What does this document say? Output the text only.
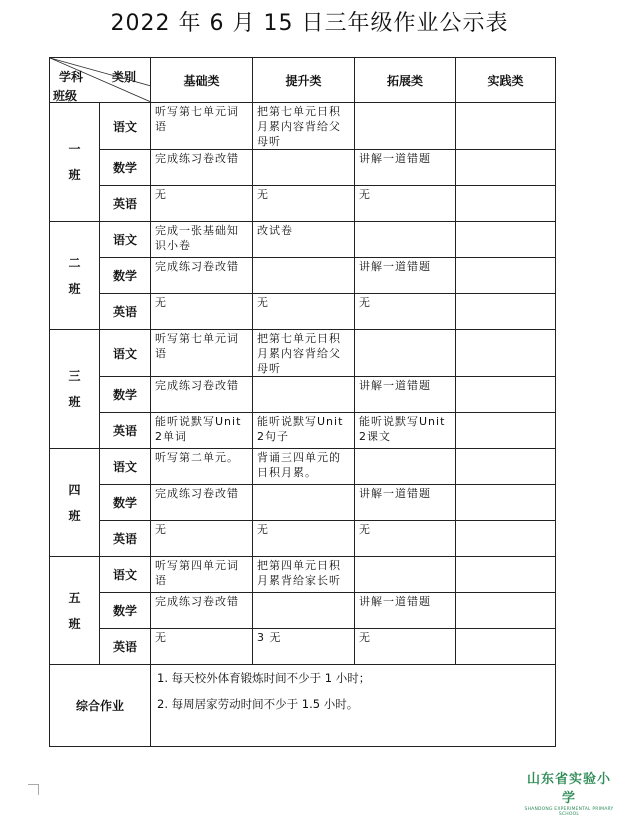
2022 年 6 月 15 日三年级作业公示表
类别
学科
班级		基础类	提升类	拓展类	实践类

一
班	语文	听写第七单元词语	把第七单元日积月累内容背给父母听		
	数学	完成练习卷改错		讲解一道错题	
	英语	无	无	无	

二
班	语文	完成一张基础知识小卷	改试卷		
	数学	完成练习卷改错		讲解一道错题	
	英语	无	无	无	

三
班	语文	听写第七单元词语	把第七单元日积月累内容背给父母听		
	数学	完成练习卷改错		讲解一道错题	
	英语	能听说默写Unit2单词	能听说默写Unit2句子	能听说默写Unit2课文	

四
班	语文	听写第二单元。	背诵三四单元的日积月累。		
	数学	完成练习卷改错		讲解一道错题	
	英语	无	无	无	

五
班	语文	听写第四单元词语	把第四单元日积月累背给家长听		
	数学	完成练习卷改错		讲解一道错题	
	英语	无	3 无	无	
综合作业		1. 每天校外体育锻炼时间不少于 1 小时；

2. 每周居家劳动时间不少于 1.5 小时。			

山东省实验小学
SHANDONG EXPERIMENTAL PRIMARY SCHOOL
